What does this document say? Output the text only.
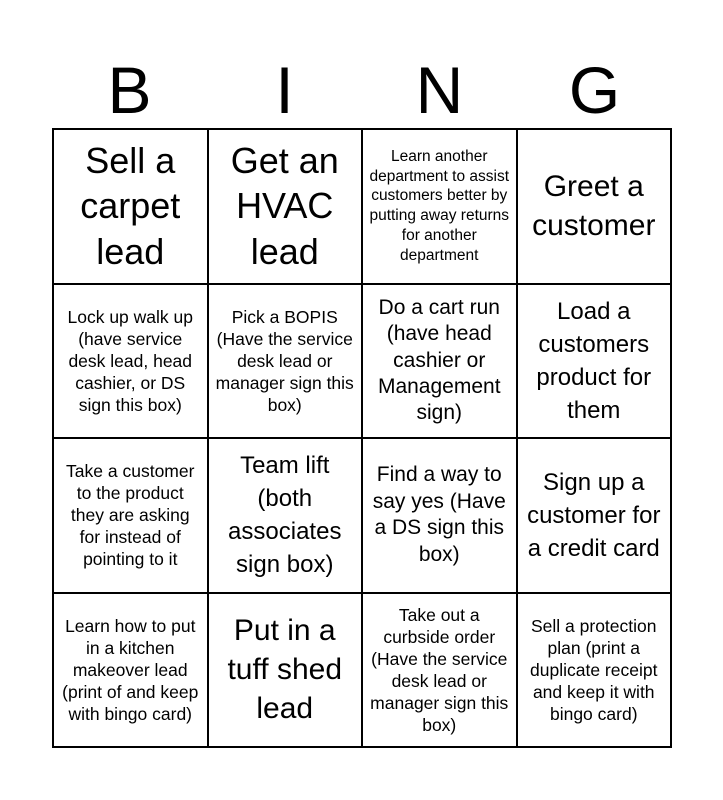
B	I	N	G
Sell a carpet lead
Get an HVAC lead
Learn another department to assist customers better by putting away returns for another department
Greet a customer
Lock up walk up (have service desk lead, head cashier, or DS sign this box)
Pick a BOPIS (Have the service desk lead or manager sign this box)
Do a cart run (have head cashier or Management sign)
Load a customers product for them
Take a customer to the product they are asking for instead of pointing to it
Team lift (both associates sign box)
Find a way to say yes (Have a DS sign this box)
Sign up a customer for a credit card
Learn how to put in a kitchen makeover lead (print of and keep with bingo card)
Put in a tuff shed lead
Take out a curbside order (Have the service desk lead or manager sign this box)
Sell a protection plan (print a duplicate receipt and keep it with bingo card)
